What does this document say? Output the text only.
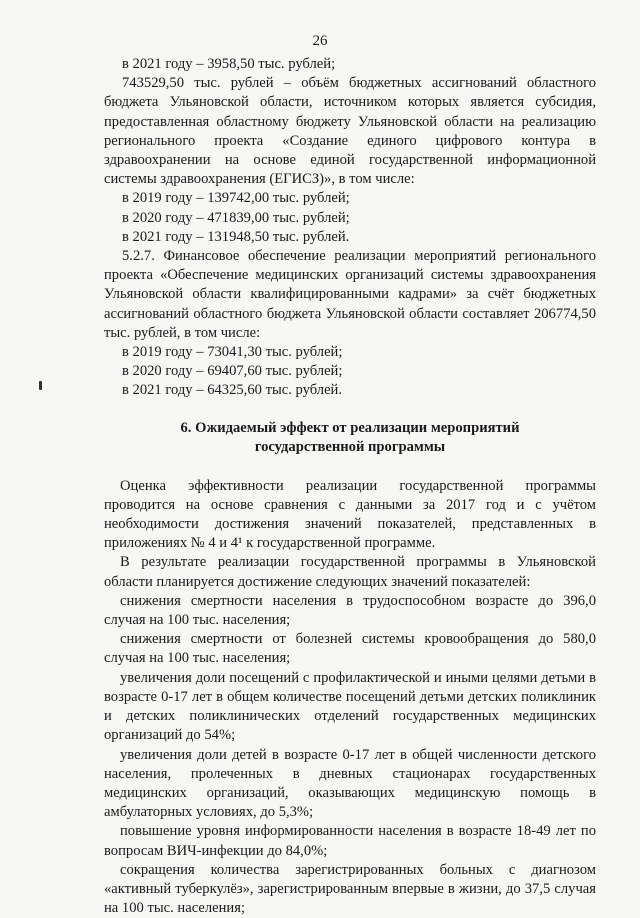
26

в 2021 году – 3958,50 тыс. рублей;

743529,50 тыс. рублей – объём бюджетных ассигнований областного бюджета Ульяновской области, источником которых является субсидия, предоставленная областному бюджету Ульяновской области на реализацию регионального проекта «Создание единого цифрового контура в здравоохранении на основе единой государственной информационной системы здравоохранения (ЕГИСЗ)», в том числе:

в 2019 году – 139742,00 тыс. рублей;

в 2020 году – 471839,00 тыс. рублей;

в 2021 году – 131948,50 тыс. рублей.

5.2.7. Финансовое обеспечение реализации мероприятий регионального проекта «Обеспечение медицинских организаций системы здравоохранения Ульяновской области квалифицированными кадрами» за счёт бюджетных ассигнований областного бюджета Ульяновской области составляет 206774,50 тыс. рублей, в том числе:

в 2019 году – 73041,30 тыс. рублей;

в 2020 году – 69407,60 тыс. рублей;

в 2021 году – 64325,60 тыс. рублей.

6. Ожидаемый эффект от реализации мероприятий
государственной программы

Оценка эффективности реализации государственной программы проводится на основе сравнения с данными за 2017 год и с учётом необходимости достижения значений показателей, представленных в приложениях № 4 и 4¹ к государственной программе.

В результате реализации государственной программы в Ульяновской области планируется достижение следующих значений показателей:

снижения смертности населения в трудоспособном возрасте до 396,0 случая на 100 тыс. населения;

снижения смертности от болезней системы кровообращения до 580,0 случая на 100 тыс. населения;

увеличения доли посещений с профилактической и иными целями детьми в возрасте 0-17 лет в общем количестве посещений детьми детских поликлиник и детских поликлинических отделений государственных медицинских организаций до 54%;

увеличения доли детей в возрасте 0-17 лет в общей численности детского населения, пролеченных в дневных стационарах государственных медицинских организаций, оказывающих медицинскую помощь в амбулаторных условиях, до 5,3%;

повышение уровня информированности населения в возрасте 18-49 лет по вопросам ВИЧ-инфекции до 84,0%;

сокращения количества зарегистрированных больных с диагнозом «активный туберкулёз», зарегистрированным впервые в жизни, до 37,5 случая на 100 тыс. населения;
